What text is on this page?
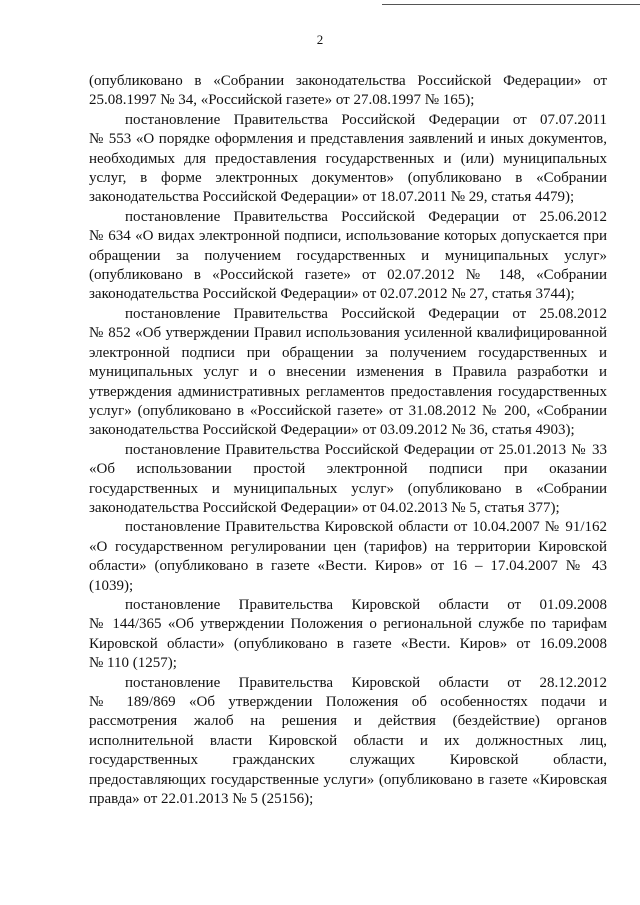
2

(опубликовано в «Собрании законодательства Российской Федерации» от
25.08.1997 № 34, «Российской газете» от 27.08.1997 № 165);

постановление Правительства Российской Федерации от 07.07.2011
№ 553 «О порядке оформления и представления заявлений и иных документов,
необходимых для предоставления государственных и (или) муниципальных
услуг, в форме электронных документов» (опубликовано в «Собрании
законодательства Российской Федерации» от 18.07.2011 № 29, статья 4479);

постановление Правительства Российской Федерации от 25.06.2012
№ 634 «О видах электронной подписи, использование которых допускается при
обращении за получением государственных и муниципальных услуг»
(опубликовано в «Российской газете» от 02.07.2012 № 148, «Собрании
законодательства Российской Федерации» от 02.07.2012 № 27, статья 3744);

постановление Правительства Российской Федерации от 25.08.2012
№ 852 «Об утверждении Правил использования усиленной квалифицированной
электронной подписи при обращении за получением государственных и
муниципальных услуг и о внесении изменения в Правила разработки и
утверждения административных регламентов предоставления государственных
услуг» (опубликовано в «Российской газете» от 31.08.2012 № 200, «Собрании
законодательства Российской Федерации» от 03.09.2012 № 36, статья 4903);

постановление Правительства Российской Федерации от 25.01.2013 № 33
«Об использовании простой электронной подписи при оказании
государственных и муниципальных услуг» (опубликовано в «Собрании
законодательства Российской Федерации» от 04.02.2013 № 5, статья 377);

постановление Правительства Кировской области от 10.04.2007 № 91/162
«О государственном регулировании цен (тарифов) на территории Кировской
области» (опубликовано в газете «Вести. Киров» от 16 – 17.04.2007 № 43
(1039);

постановление Правительства Кировской области от 01.09.2008
№ 144/365 «Об утверждении Положения о региональной службе по тарифам
Кировской области» (опубликовано в газете «Вести. Киров» от 16.09.2008
№ 110 (1257);

постановление Правительства Кировской области от 28.12.2012
№ 189/869 «Об утверждении Положения об особенностях подачи и
рассмотрения жалоб на решения и действия (бездействие) органов
исполнительной власти Кировской области и их должностных лиц,
государственных гражданских служащих Кировской области,
предоставляющих государственные услуги» (опубликовано в газете «Кировская
правда» от 22.01.2013 № 5 (25156);
